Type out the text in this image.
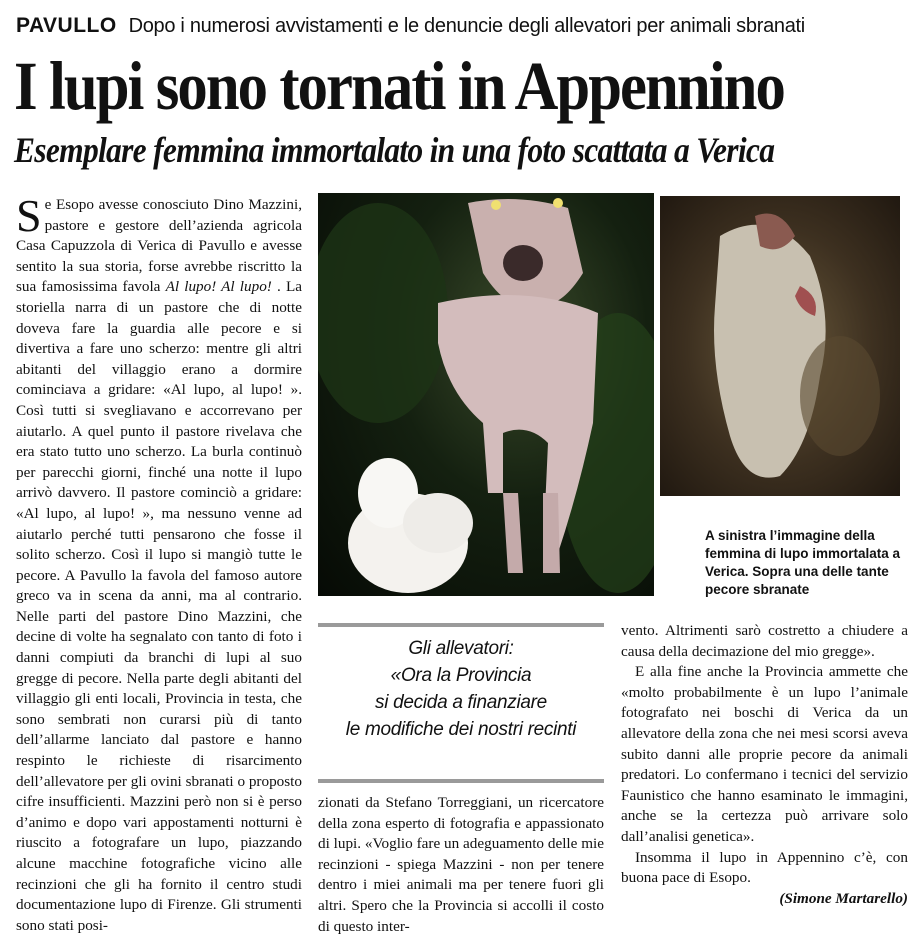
PAVULLO Dopo i numerosi avvistamenti e le denuncie degli allevatori per animali sbranati
I lupi sono tornati in Appennino
Esemplare femmina immortalato in una foto scattata a Verica
Se Esopo avesse conosciuto Dino Mazzini, pastore e gestore dell’azienda agricola Casa Capuzzola di Verica di Pavullo e avesse sentito la sua storia, forse avrebbe riscritto la sua famosissima favola Al lupo! Al lupo! . La storiella narra di un pastore che di notte doveva fare la guardia alle pecore e si divertiva a fare uno scherzo: mentre gli altri abitanti del villaggio erano a dormire cominciava a gridare: «Al lupo, al lupo! ». Così tutti si svegliavano e accorrevano per aiutarlo. A quel punto il pastore rivelava che era stato tutto uno scherzo. La burla continuò per parecchi giorni, finché una notte il lupo arrivò davvero. Il pastore cominciò a gridare: «Al lupo, al lupo! », ma nessuno venne ad aiutarlo perché tutti pensarono che fosse il solito scherzo. Così il lupo si mangiò tutte le pecore. A Pavullo la favola del famoso autore greco va in scena da anni, ma al contrario. Nelle parti del pastore Dino Mazzini, che decine di volte ha segnalato con tanto di foto i danni compiuti da branchi di lupi al suo gregge di pecore. Nella parte degli abitanti del villaggio gli enti locali, Provincia in testa, che sono sembrati non curarsi più di tanto dell’allarme lanciato dal pastore e hanno respinto le richieste di risarcimento dell’allevatore per gli ovini sbranati o proposto cifre insufficienti. Mazzini però non si è perso d’animo e dopo vari appostamenti notturni è riuscito a fotografare un lupo, piazzando alcune macchine fotografiche vicino alle recinzioni che gli ha fornito il centro studi documentazione lupo di Firenze. Gli strumenti sono stati posi-
A sinistra l’immagine della femmina di lupo immortalata a Verica. Sopra una delle tante pecore sbranate
Gli allevatori:
«Ora la Provincia
si decida a finanziare
le modifiche dei nostri recinti
zionati da Stefano Torreggiani, un ricercatore della zona esperto di fotografia e appassionato di lupi. «Voglio fare un adeguamento delle mie recinzioni - spiega Mazzini - non per tenere dentro i miei animali ma per tenere fuori gli altri. Spero che la Provincia si accolli il costo di questo inter-

vento. Altrimenti sarò costretto a chiudere a causa della decimazione del mio gregge».

E alla fine anche la Provincia ammette che «molto probabilmente è un lupo l’animale fotografato nei boschi di Verica da un allevatore della zona che nei mesi scorsi aveva subito danni alle proprie pecore da animali predatori. Lo confermano i tecnici del servizio Faunistico che hanno esaminato le immagini, anche se la certezza può arrivare solo dall’analisi genetica».

Insomma il lupo in Appennino c’è, con buona pace di Esopo.

(Simone Martarello)
